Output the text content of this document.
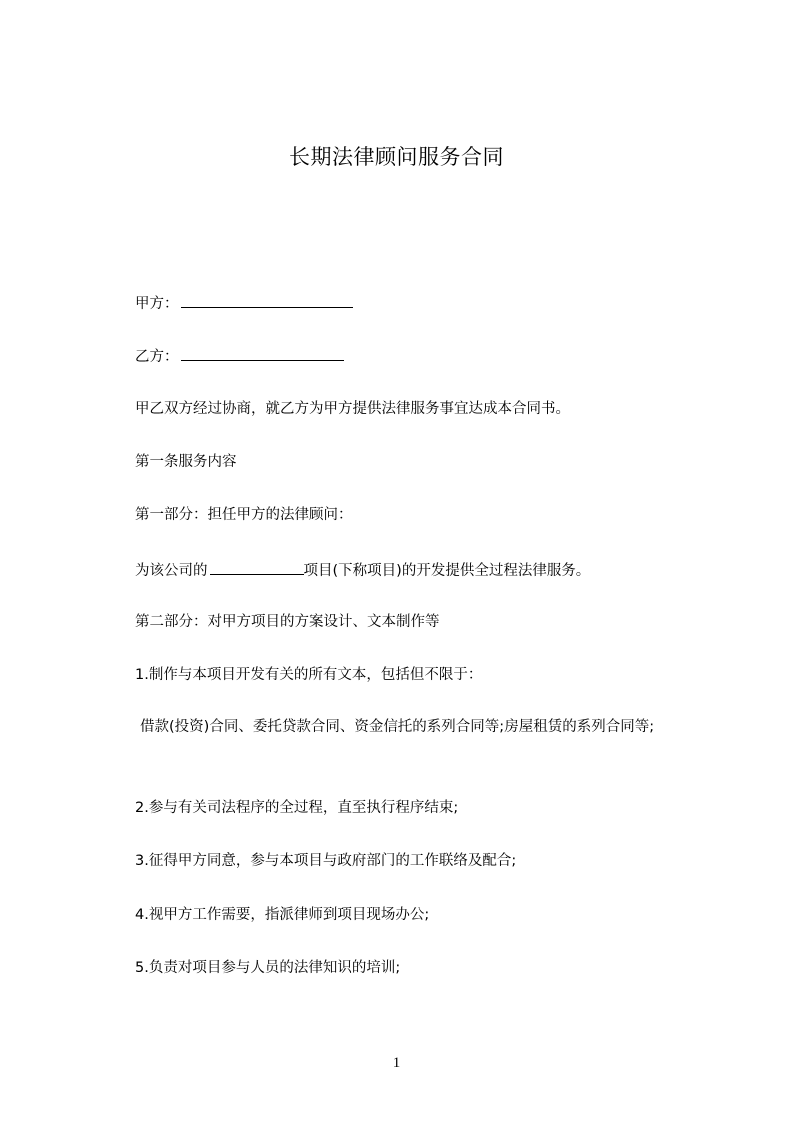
长期法律顾问服务合同
甲方：
乙方：
甲乙双方经过协商，就乙方为甲方提供法律服务事宜达成本合同书。
第一条服务内容
第一部分：担任甲方的法律顾问：
为该公司的	项目(下称项目)的开发提供全过程法律服务。
第二部分：对甲方项目的方案设计、文本制作等
1.制作与本项目开发有关的所有文本，包括但不限于：
借款(投资)合同、委托贷款合同、资金信托的系列合同等;房屋租赁的系列合同等;
2.参与有关司法程序的全过程，直至执行程序结束;
3.征得甲方同意，参与本项目与政府部门的工作联络及配合;
4.视甲方工作需要，指派律师到项目现场办公;
5.负责对项目参与人员的法律知识的培训;
1
